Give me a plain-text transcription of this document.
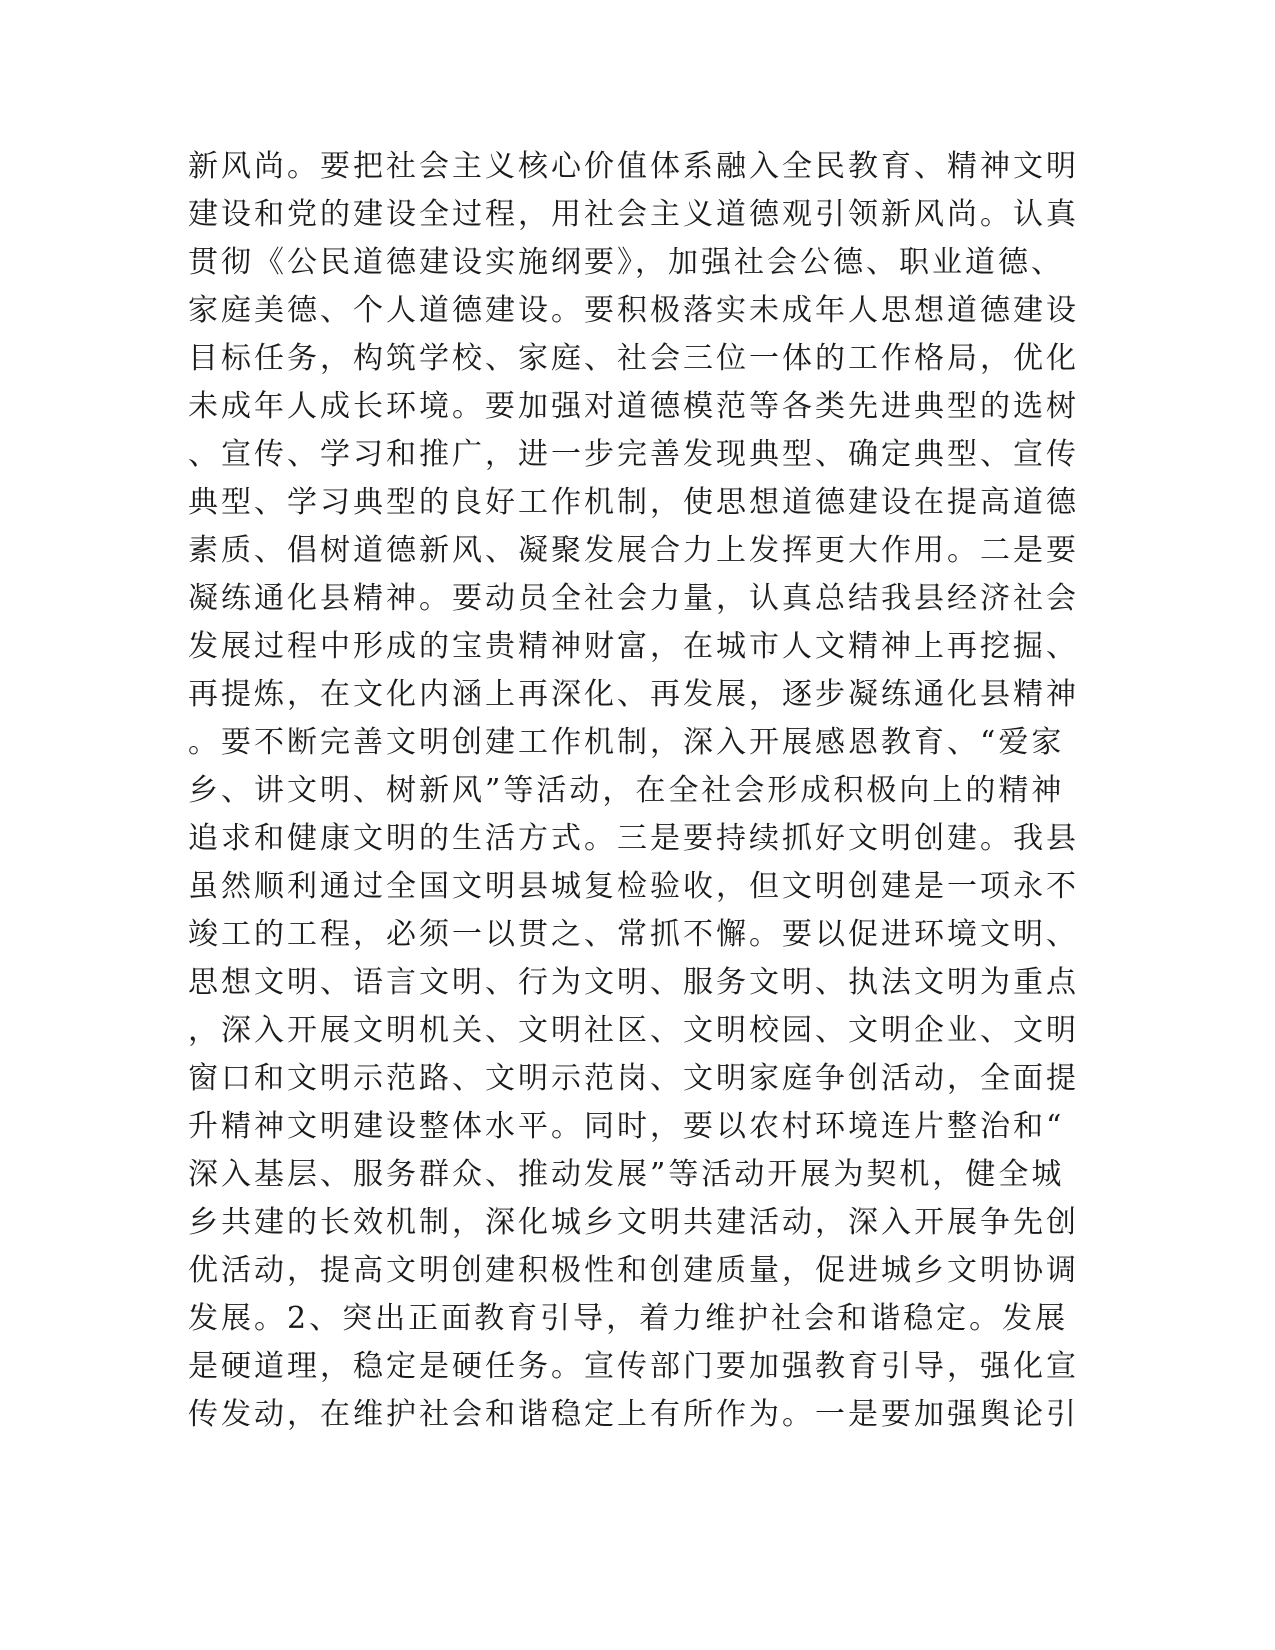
新风尚。要把社会主义核心价值体系融入全民教育、精神文明
建设和党的建设全过程，用社会主义道德观引领新风尚。认真
贯彻《公民道德建设实施纲要》，加强社会公德、职业道德、
家庭美德、个人道德建设。要积极落实未成年人思想道德建设
目标任务，构筑学校、家庭、社会三位一体的工作格局，优化
未成年人成长环境。要加强对道德模范等各类先进典型的选树
、宣传、学习和推广，进一步完善发现典型、确定典型、宣传
典型、学习典型的良好工作机制，使思想道德建设在提高道德
素质、倡树道德新风、凝聚发展合力上发挥更大作用。二是要
凝练通化县精神。要动员全社会力量，认真总结我县经济社会
发展过程中形成的宝贵精神财富，在城市人文精神上再挖掘、
再提炼，在文化内涵上再深化、再发展，逐步凝练通化县精神
。要不断完善文明创建工作机制，深入开展感恩教育、“爱家
乡、讲文明、树新风”等活动，在全社会形成积极向上的精神
追求和健康文明的生活方式。三是要持续抓好文明创建。我县
虽然顺利通过全国文明县城复检验收，但文明创建是一项永不
竣工的工程，必须一以贯之、常抓不懈。要以促进环境文明、
思想文明、语言文明、行为文明、服务文明、执法文明为重点
，深入开展文明机关、文明社区、文明校园、文明企业、文明
窗口和文明示范路、文明示范岗、文明家庭争创活动，全面提
升精神文明建设整体水平。同时，要以农村环境连片整治和“
深入基层、服务群众、推动发展”等活动开展为契机，健全城
乡共建的长效机制，深化城乡文明共建活动，深入开展争先创
优活动，提高文明创建积极性和创建质量，促进城乡文明协调
发展。2、突出正面教育引导，着力维护社会和谐稳定。发展
是硬道理，稳定是硬任务。宣传部门要加强教育引导，强化宣
传发动，在维护社会和谐稳定上有所作为。一是要加强舆论引
